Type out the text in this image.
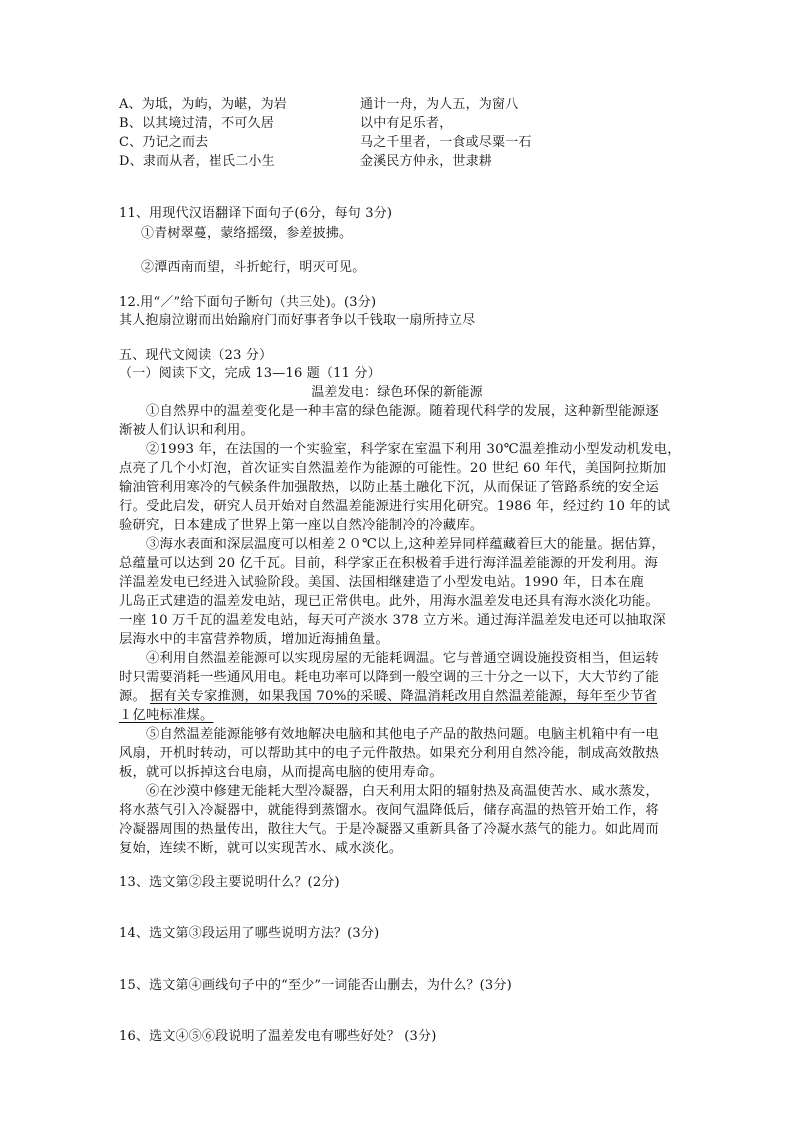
A、为坻，为屿，为嵁，为岩	通计一舟，为人五，为窗八
B、以其境过清，不可久居	以中有足乐者，
C、乃记之而去	马之千里者，一食或尽粟一石
D、隶而从者，崔氏二小生	金溪民方仲永，世隶耕
11、用现代汉语翻译下面句子(6分，每句 3分)
①青树翠蔓，蒙络摇缀，参差披拂。
②潭西南而望，斗折蛇行，明灭可见。
12.用“／”给下面句子断句（共三处)。(3分)
其人抱扇泣谢而出始踰府门而好事者争以千钱取一扇所持立尽
五、现代文阅读（23 分）
（一）阅读下文，完成 13—16 题（11 分）
温差发电：绿色环保的新能源
①自然界中的温差变化是一种丰富的绿色能源。随着现代科学的发展，这种新型能源逐
渐被人们认识和利用。
②1993 年，在法国的一个实验室，科学家在室温下利用 30℃温差推动小型发动机发电，
点亮了几个小灯泡，首次证实自然温差作为能源的可能性。20 世纪 60 年代，美国阿拉斯加
输油管利用寒冷的气候条件加强散热，以防止基土融化下沉，从而保证了管路系统的安全运
行。受此启发，研究人员开始对自然温差能源进行实用化研究。1986 年，经过约 10 年的试
验研究，日本建成了世界上第一座以自然冷能制冷的冷藏库。
③海水表面和深层温度可以相差２０℃以上,这种差异同样蕴藏着巨大的能量。据估算，
总蕴量可以达到 20 亿千瓦。目前，科学家正在积极着手进行海洋温差能源的开发利用。海
洋温差发电已经进入试验阶段。美国、法国相继建造了小型发电站。1990 年，日本在鹿
儿岛正式建造的温差发电站，现已正常供电。此外，用海水温差发电还具有海水淡化功能。
一座 10 万千瓦的温差发电站，每天可产淡水 378 立方米。通过海洋温差发电还可以抽取深
层海水中的丰富营养物质，增加近海捕鱼量。
④利用自然温差能源可以实现房屋的无能耗调温。它与普通空调设施投资相当，但运转
时只需要消耗一些通风用电。耗电功率可以降到一般空调的三十分之一以下，大大节约了能
源。 据有关专家推测，如果我国 70%的采暖、降温消耗改用自然温差能源，每年至少节省
１亿吨标准煤。
⑤自然温差能源能够有效地解决电脑和其他电子产品的散热问题。电脑主机箱中有一电
风扇，开机时转动，可以帮助其中的电子元件散热。如果充分利用自然冷能，制成高效散热
板，就可以拆掉这台电扇，从而提高电脑的使用寿命。
⑥在沙漠中修建无能耗大型冷凝器，白天利用太阳的辐射热及高温使苦水、咸水蒸发，
将水蒸气引入冷凝器中，就能得到蒸馏水。夜间气温降低后，储存高温的热管开始工作，将
冷凝器周围的热量传出，散往大气。于是冷凝器又重新具备了冷凝水蒸气的能力。如此周而
复始，连续不断，就可以实现苦水、咸水淡化。
13、选文第②段主要说明什么？(2分)
14、选文第③段运用了哪些说明方法？(3分)
15、选文第④画线句子中的“至少”一词能否山删去，为什么？(3分)
16、选文④⑤⑥段说明了温差发电有哪些好处？ (3分)
